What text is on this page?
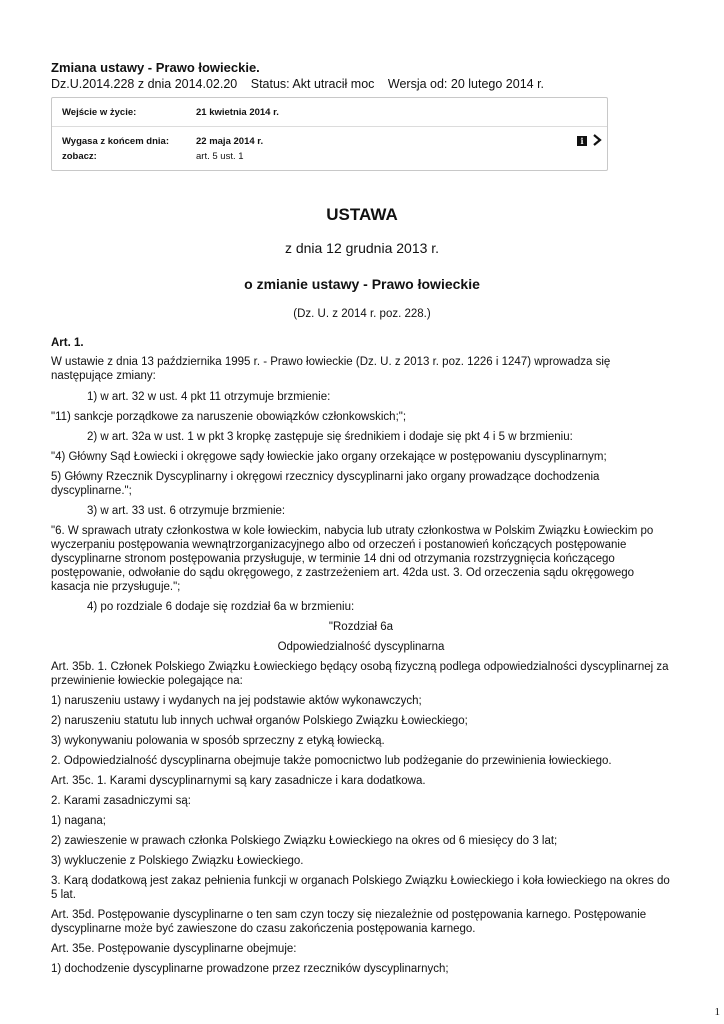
Zmiana ustawy - Prawo łowieckie.
Dz.U.2014.228 z dnia 2014.02.20 Status: Akt utracił moc Wersja od: 20 lutego 2014 r.
Wejście w życie:	21 kwietnia 2014 r.
Wygasa z końcem dnia:	22 maja 2014 r.
zobacz:	art. 5 ust. 1
i
USTAWA
z dnia 12 grudnia 2013 r.
o zmianie ustawy - Prawo łowieckie
(Dz. U. z 2014 r. poz. 228.)
Art. 1.

W ustawie z dnia 13 października 1995 r. - Prawo łowieckie (Dz. U. z 2013 r. poz. 1226 i 1247) wprowadza się następujące zmiany:

1) w art. 32 w ust. 4 pkt 11 otrzymuje brzmienie:

"11) sankcje porządkowe za naruszenie obowiązków członkowskich;";

2) w art. 32a w ust. 1 w pkt 3 kropkę zastępuje się średnikiem i dodaje się pkt 4 i 5 w brzmieniu:

"4) Główny Sąd Łowiecki i okręgowe sądy łowieckie jako organy orzekające w postępowaniu dyscyplinarnym;

5) Główny Rzecznik Dyscyplinarny i okręgowi rzecznicy dyscyplinarni jako organy prowadzące dochodzenia dyscyplinarne.";

3) w art. 33 ust. 6 otrzymuje brzmienie:

"6. W sprawach utraty członkostwa w kole łowieckim, nabycia lub utraty członkostwa w Polskim Związku Łowieckim po wyczerpaniu postępowania wewnątrzorganizacyjnego albo od orzeczeń i postanowień kończących postępowanie dyscyplinarne stronom postępowania przysługuje, w terminie 14 dni od otrzymania rozstrzygnięcia kończącego postępowanie, odwołanie do sądu okręgowego, z zastrzeżeniem art. 42da ust. 3. Od orzeczenia sądu okręgowego kasacja nie przysługuje.";

4) po rozdziale 6 dodaje się rozdział 6a w brzmieniu:

"Rozdział 6a

Odpowiedzialność dyscyplinarna

Art. 35b. 1. Członek Polskiego Związku Łowieckiego będący osobą fizyczną podlega odpowiedzialności dyscyplinarnej za przewinienie łowieckie polegające na:

1) naruszeniu ustawy i wydanych na jej podstawie aktów wykonawczych;

2) naruszeniu statutu lub innych uchwał organów Polskiego Związku Łowieckiego;

3) wykonywaniu polowania w sposób sprzeczny z etyką łowiecką.

2. Odpowiedzialność dyscyplinarna obejmuje także pomocnictwo lub podżeganie do przewinienia łowieckiego.

Art. 35c. 1. Karami dyscyplinarnymi są kary zasadnicze i kara dodatkowa.

2. Karami zasadniczymi są:

1) nagana;

2) zawieszenie w prawach członka Polskiego Związku Łowieckiego na okres od 6 miesięcy do 3 lat;

3) wykluczenie z Polskiego Związku Łowieckiego.

3. Karą dodatkową jest zakaz pełnienia funkcji w organach Polskiego Związku Łowieckiego i koła łowieckiego na okres do 5 lat.

Art. 35d. Postępowanie dyscyplinarne o ten sam czyn toczy się niezależnie od postępowania karnego. Postępowanie dyscyplinarne może być zawieszone do czasu zakończenia postępowania karnego.

Art. 35e. Postępowanie dyscyplinarne obejmuje:

1) dochodzenie dyscyplinarne prowadzone przez rzeczników dyscyplinarnych;

1
